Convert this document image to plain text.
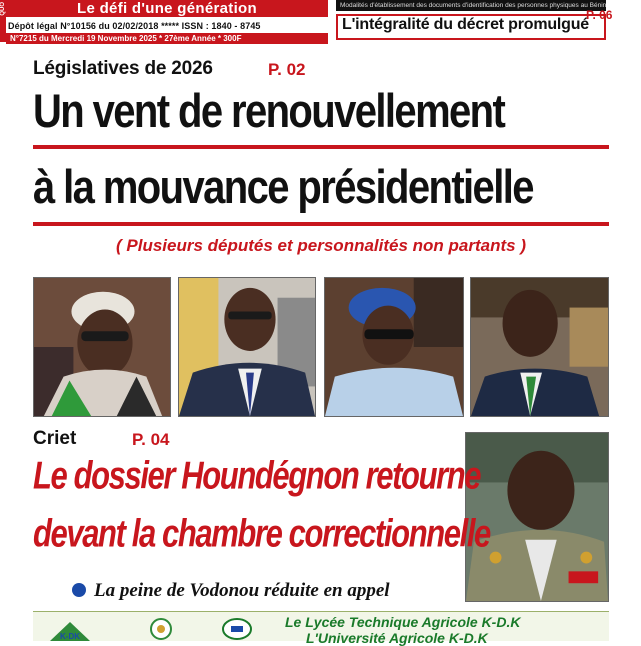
QUO	Le défi d'une génération
Dépôt légal N°10156 du 02/02/2018 ***** ISSN : 1840 - 8745
N°7215 du Mercredi 19 Novembre 2025 * 27ème Année * 300F
Modalités d'établissement des documents d'identification des personnes physiques au Bénin
L'intégralité du décret promulgué
P. 06
Législatives de 2026	P. 02
Un vent de renouvellement
à la mouvance présidentielle
( Plusieurs députés et personnalités non partants )
Criet	P. 04
Le dossier Houndégnon retourne
devant la chambre correctionnelle
La peine de Vodonou réduite en appel
K-DK
Le Lycée Technique Agricole K-D.K
L'Université Agricole K-D.K
